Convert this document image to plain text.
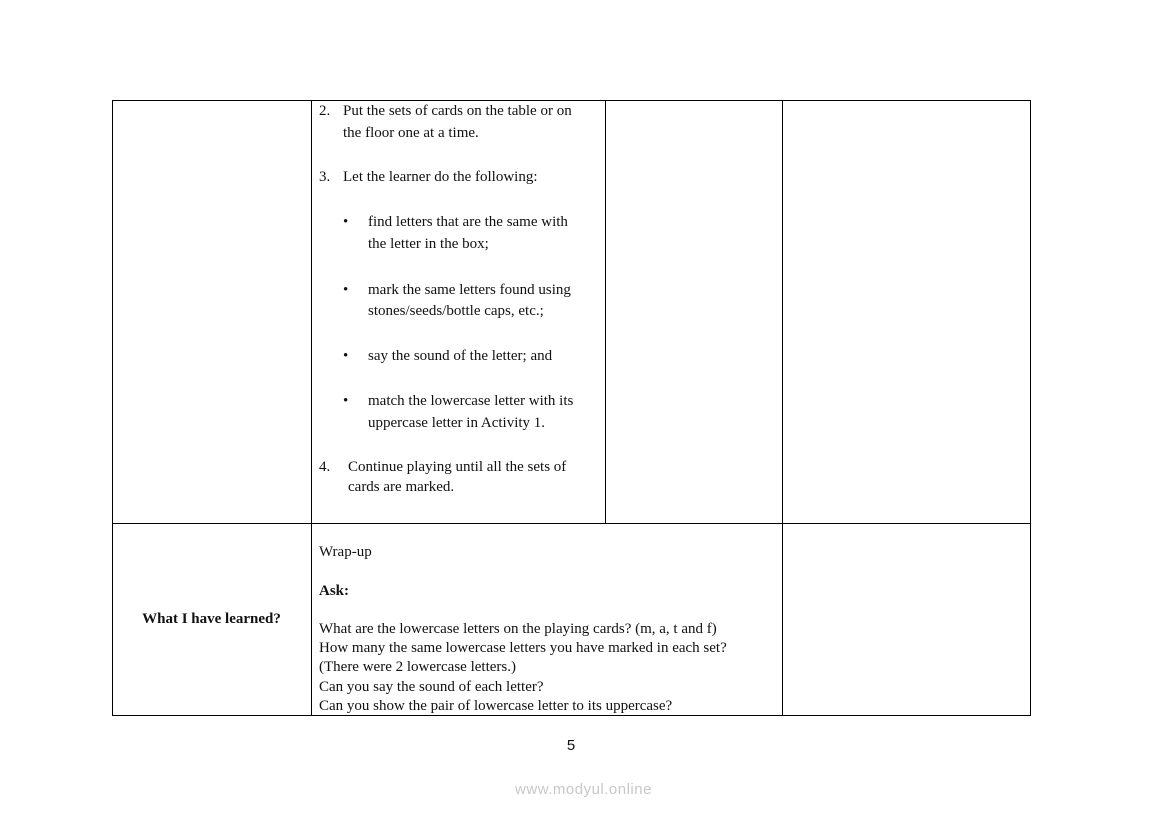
2. Put the sets of cards on the table or on
the floor one at a time.
3. Let the learner do the following:
• find letters that are the same with
the letter in the box;
• mark the same letters found using
stones/seeds/bottle caps, etc.;
• say the sound of the letter; and
• match the lowercase letter with its
uppercase letter in Activity 1.
4. Continue playing until all the sets of
cards are marked.
What I have learned?
Wrap-up
Ask:
What are the lowercase letters on the playing cards? (m, a, t and f)
How many the same lowercase letters you have marked in each set?
(There were 2 lowercase letters.)
Can you say the sound of each letter?
Can you show the pair of lowercase letter to its uppercase?
5
www.modyul.online
